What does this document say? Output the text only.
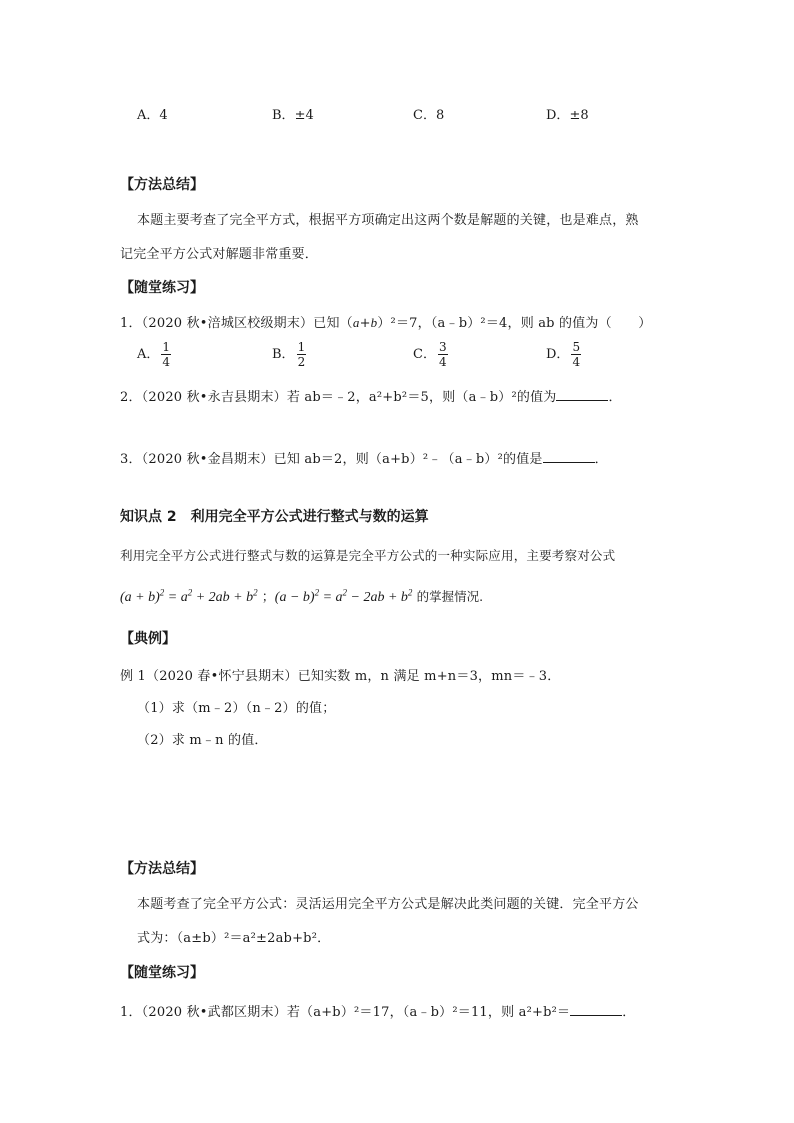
A．4	B．±4	C．8	D．±8
【方法总结】
本题主要考查了完全平方式，根据平方项确定出这两个数是解题的关键，也是难点，熟
记完全平方公式对解题非常重要．
【随堂练习】
1．（2020 秋•涪城区校级期末）已知（a+b）²＝7，（a﹣b）²＝4，则 ab 的值为（　　）
A． $\frac{1}{4}$	B． $\frac{1}{2}$	C． $\frac{3}{4}$	D． $\frac{5}{4}$
2．（2020 秋•永吉县期末）若 ab＝﹣2，a²+b²＝5，则（a﹣b）²的值为	．
3．（2020 秋•金昌期末）已知 ab＝2，则（a+b）²﹣（a﹣b）²的值是	．
知识点 2　利用完全平方公式进行整式与数的运算
利用完全平方公式进行整式与数的运算是完全平方公式的一种实际应用，主要考察对公式
$(a + b)^2 = a^2 + 2ab + b^2$ ；$(a - b)^2 = a^2 - 2ab + b^2$ 的掌握情况.
【典例】
例 1（2020 春•怀宁县期末）已知实数 m，n 满足 m+n＝3，mn＝﹣3．
（1）求（m﹣2）（n﹣2）的值；
（2）求 m﹣n 的值．
【方法总结】
本题考查了完全平方公式：灵活运用完全平方公式是解决此类问题的关键．完全平方公
式为：（a±b）²＝a²±2ab+b²．
【随堂练习】
1．（2020 秋•武都区期末）若（a+b）²＝17，（a﹣b）²＝11，则 a²+b²＝	．
